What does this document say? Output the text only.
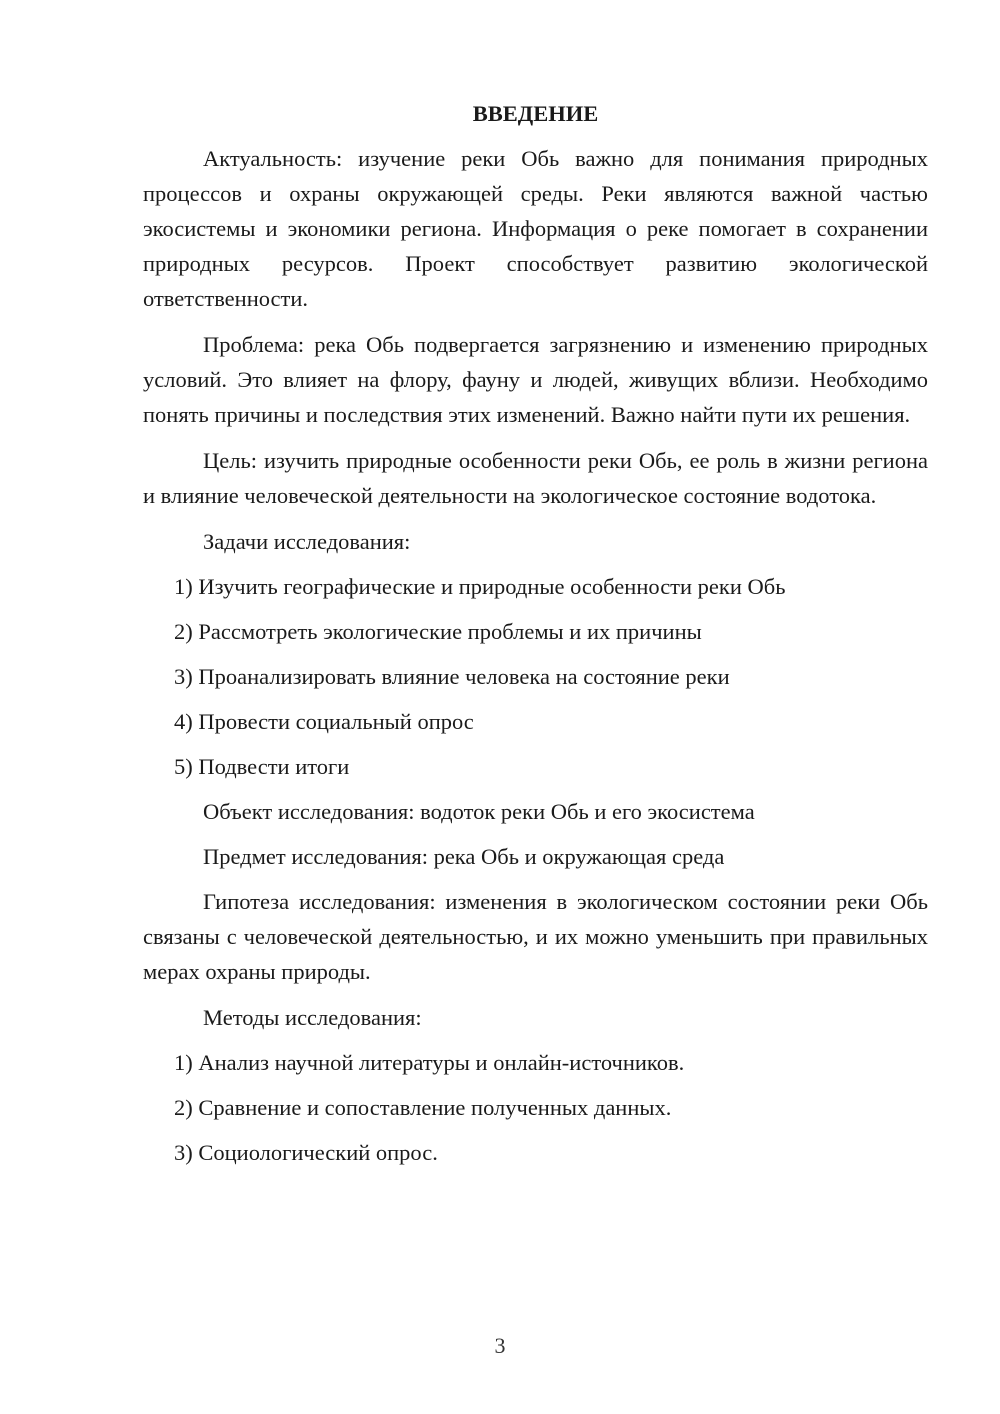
ВВЕДЕНИЕ

Актуальность: изучение реки Обь важно для понимания природных процессов и охраны окружающей среды. Реки являются важной частью экосистемы и экономики региона. Информация о реке помогает в сохранении природных ресурсов. Проект способствует развитию экологической ответственности.

Проблема: река Обь подвергается загрязнению и изменению природных условий. Это влияет на флору, фауну и людей, живущих вблизи. Необходимо понять причины и последствия этих изменений. Важно найти пути их решения.

Цель: изучить природные особенности реки Обь, ее роль в жизни региона и влияние человеческой деятельности на экологическое состояние водотока.

Задачи исследования:
1) Изучить географические и природные особенности реки Обь
2) Рассмотреть экологические проблемы и их причины
3) Проанализировать влияние человека на состояние реки
4) Провести социальный опрос
5) Подвести итоги
Объект исследования: водоток реки Обь и его экосистема
Предмет исследования: река Обь и окружающая среда

Гипотеза исследования: изменения в экологическом состоянии реки Обь связаны с человеческой деятельностью, и их можно уменьшить при правильных мерах охраны природы.

Методы исследования:
1) Анализ научной литературы и онлайн-источников.
2) Сравнение и сопоставление полученных данных.
3) Социологический опрос.
3
